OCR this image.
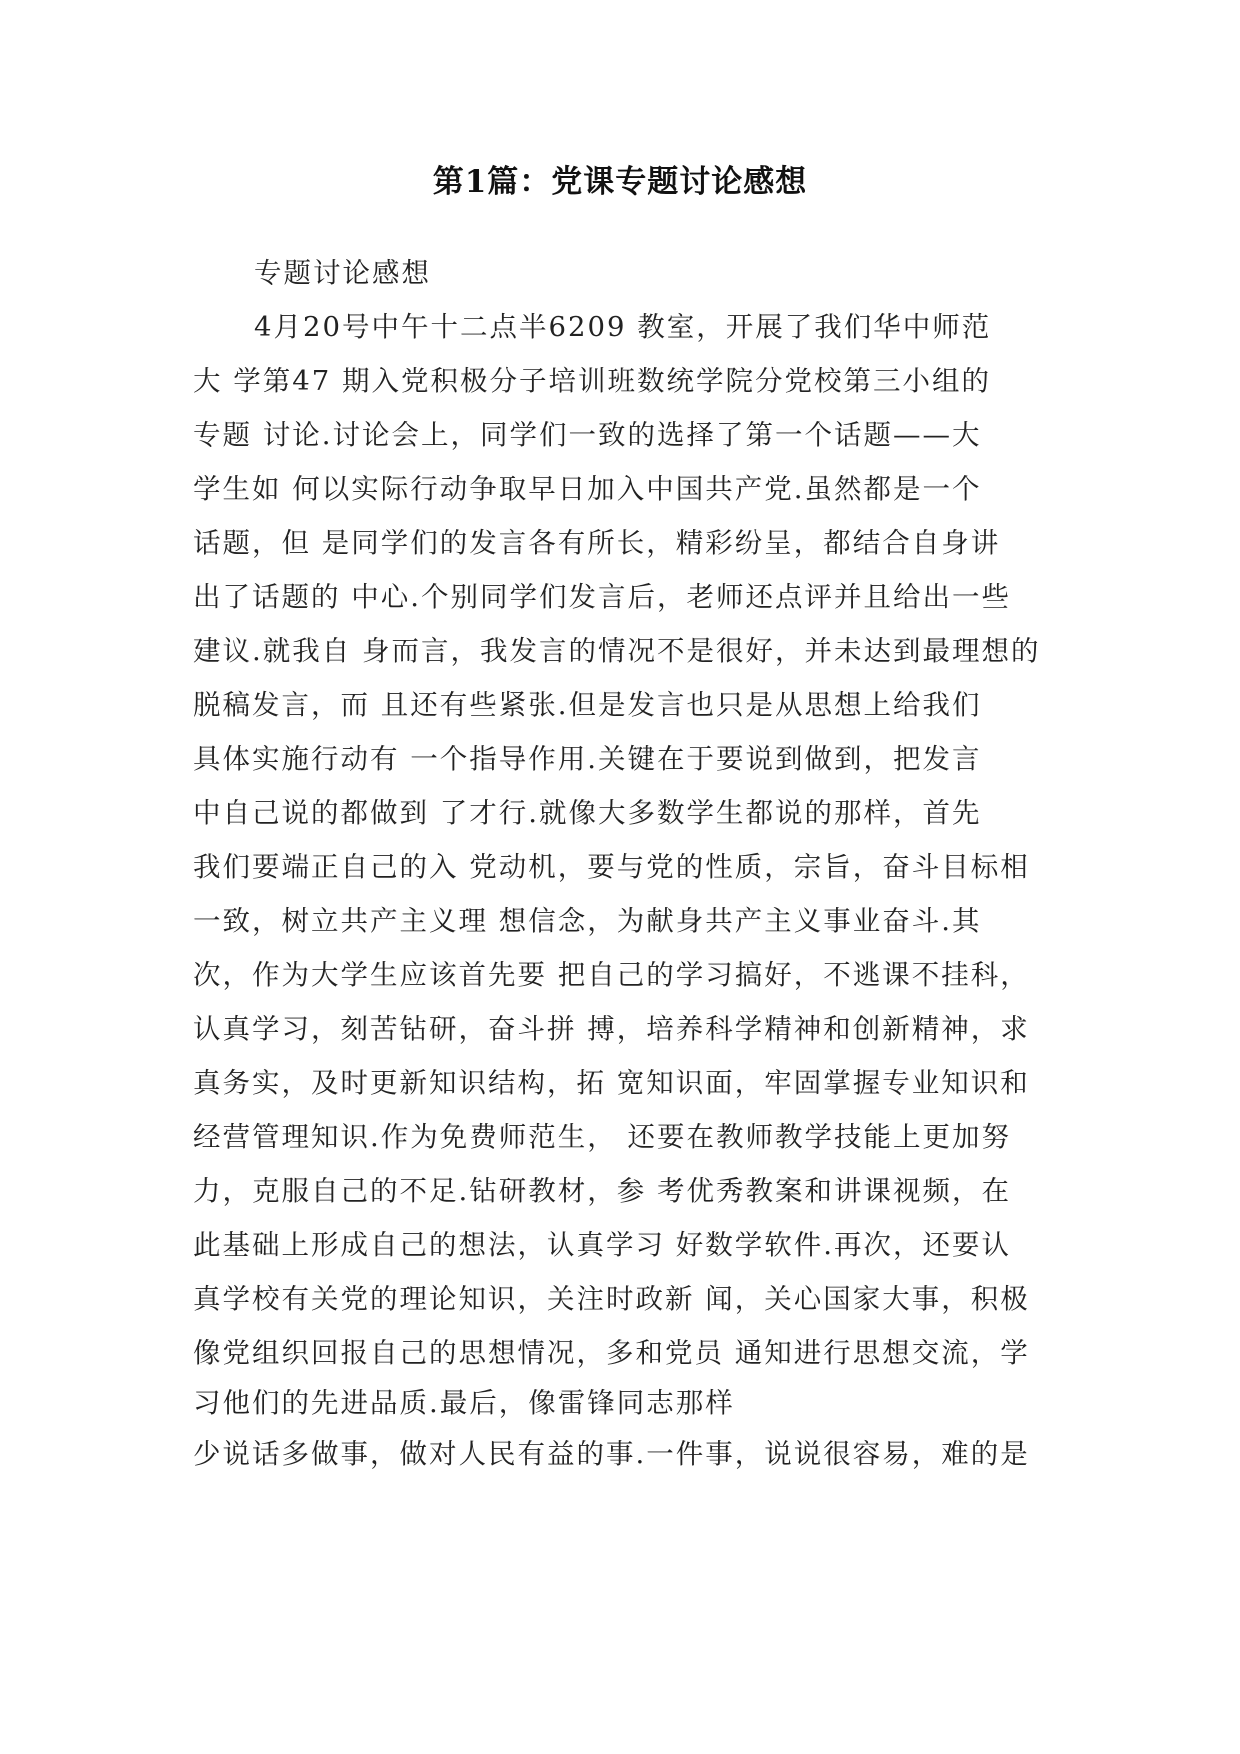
第1篇：党课专题讨论感想
专题讨论感想
4月20号中午十二点半6209 教室，开展了我们华中师范
大 学第47 期入党积极分子培训班数统学院分党校第三小组的
专题 讨论.讨论会上，同学们一致的选择了第一个话题——大
学生如 何以实际行动争取早日加入中国共产党.虽然都是一个
话题，但 是同学们的发言各有所长，精彩纷呈，都结合自身讲
出了话题的 中心.个别同学们发言后，老师还点评并且给出一些
建议.就我自 身而言，我发言的情况不是很好，并未达到最理想的
脱稿发言，而 且还有些紧张.但是发言也只是从思想上给我们
具体实施行动有 一个指导作用.关键在于要说到做到，把发言
中自己说的都做到 了才行.就像大多数学生都说的那样，首先
我们要端正自己的入 党动机，要与党的性质，宗旨，奋斗目标相
一致，树立共产主义理 想信念，为献身共产主义事业奋斗.其
次，作为大学生应该首先要 把自己的学习搞好，不逃课不挂科，
认真学习，刻苦钻研，奋斗拼 搏，培养科学精神和创新精神，求
真务实，及时更新知识结构，拓 宽知识面，牢固掌握专业知识和
经营管理知识.作为免费师范生， 还要在教师教学技能上更加努
力，克服自己的不足.钻研教材，参 考优秀教案和讲课视频，在
此基础上形成自己的想法，认真学习 好数学软件.再次，还要认
真学校有关党的理论知识，关注时政新 闻，关心国家大事，积极
像党组织回报自己的思想情况，多和党员 通知进行思想交流，学
习他们的先进品质.最后，像雷锋同志那样
少说话多做事，做对人民有益的事.一件事，说说很容易，难的是
